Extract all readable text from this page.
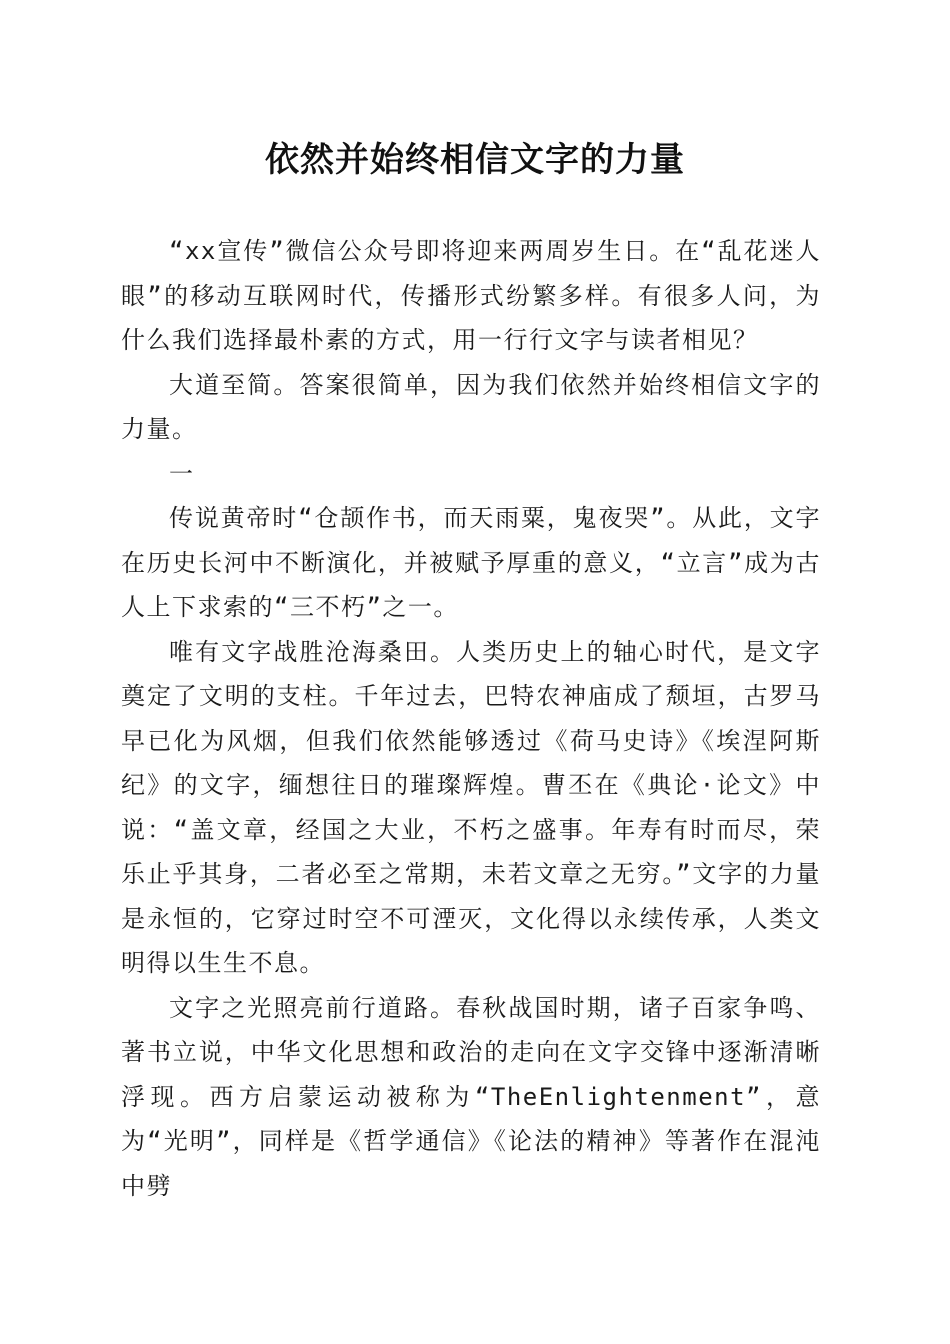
依然并始终相信文字的力量

“xx宣传”微信公众号即将迎来两周岁生日。在“乱花迷人眼”的移动互联网时代，传播形式纷繁多样。有很多人问，为什么我们选择最朴素的方式，用一行行文字与读者相见？

大道至简。答案很简单，因为我们依然并始终相信文字的力量。

一

传说黄帝时“仓颉作书，而天雨粟，鬼夜哭”。从此，文字在历史长河中不断演化，并被赋予厚重的意义，“立言”成为古人上下求索的“三不朽”之一。

唯有文字战胜沧海桑田。人类历史上的轴心时代，是文字奠定了文明的支柱。千年过去，巴特农神庙成了颓垣，古罗马早已化为风烟，但我们依然能够透过《荷马史诗》《埃涅阿斯纪》的文字，缅想往日的璀璨辉煌。曹丕在《典论·论文》中说：“盖文章，经国之大业，不朽之盛事。年寿有时而尽，荣乐止乎其身，二者必至之常期，未若文章之无穷。”文字的力量是永恒的，它穿过时空不可湮灭，文化得以永续传承，人类文明得以生生不息。

文字之光照亮前行道路。春秋战国时期，诸子百家争鸣、著书立说，中华文化思想和政治的走向在文字交锋中逐渐清晰浮现。西方启蒙运动被称为“TheEnlightenment”，意为“光明”，同样是《哲学通信》《论法的精神》等著作在混沌中劈
